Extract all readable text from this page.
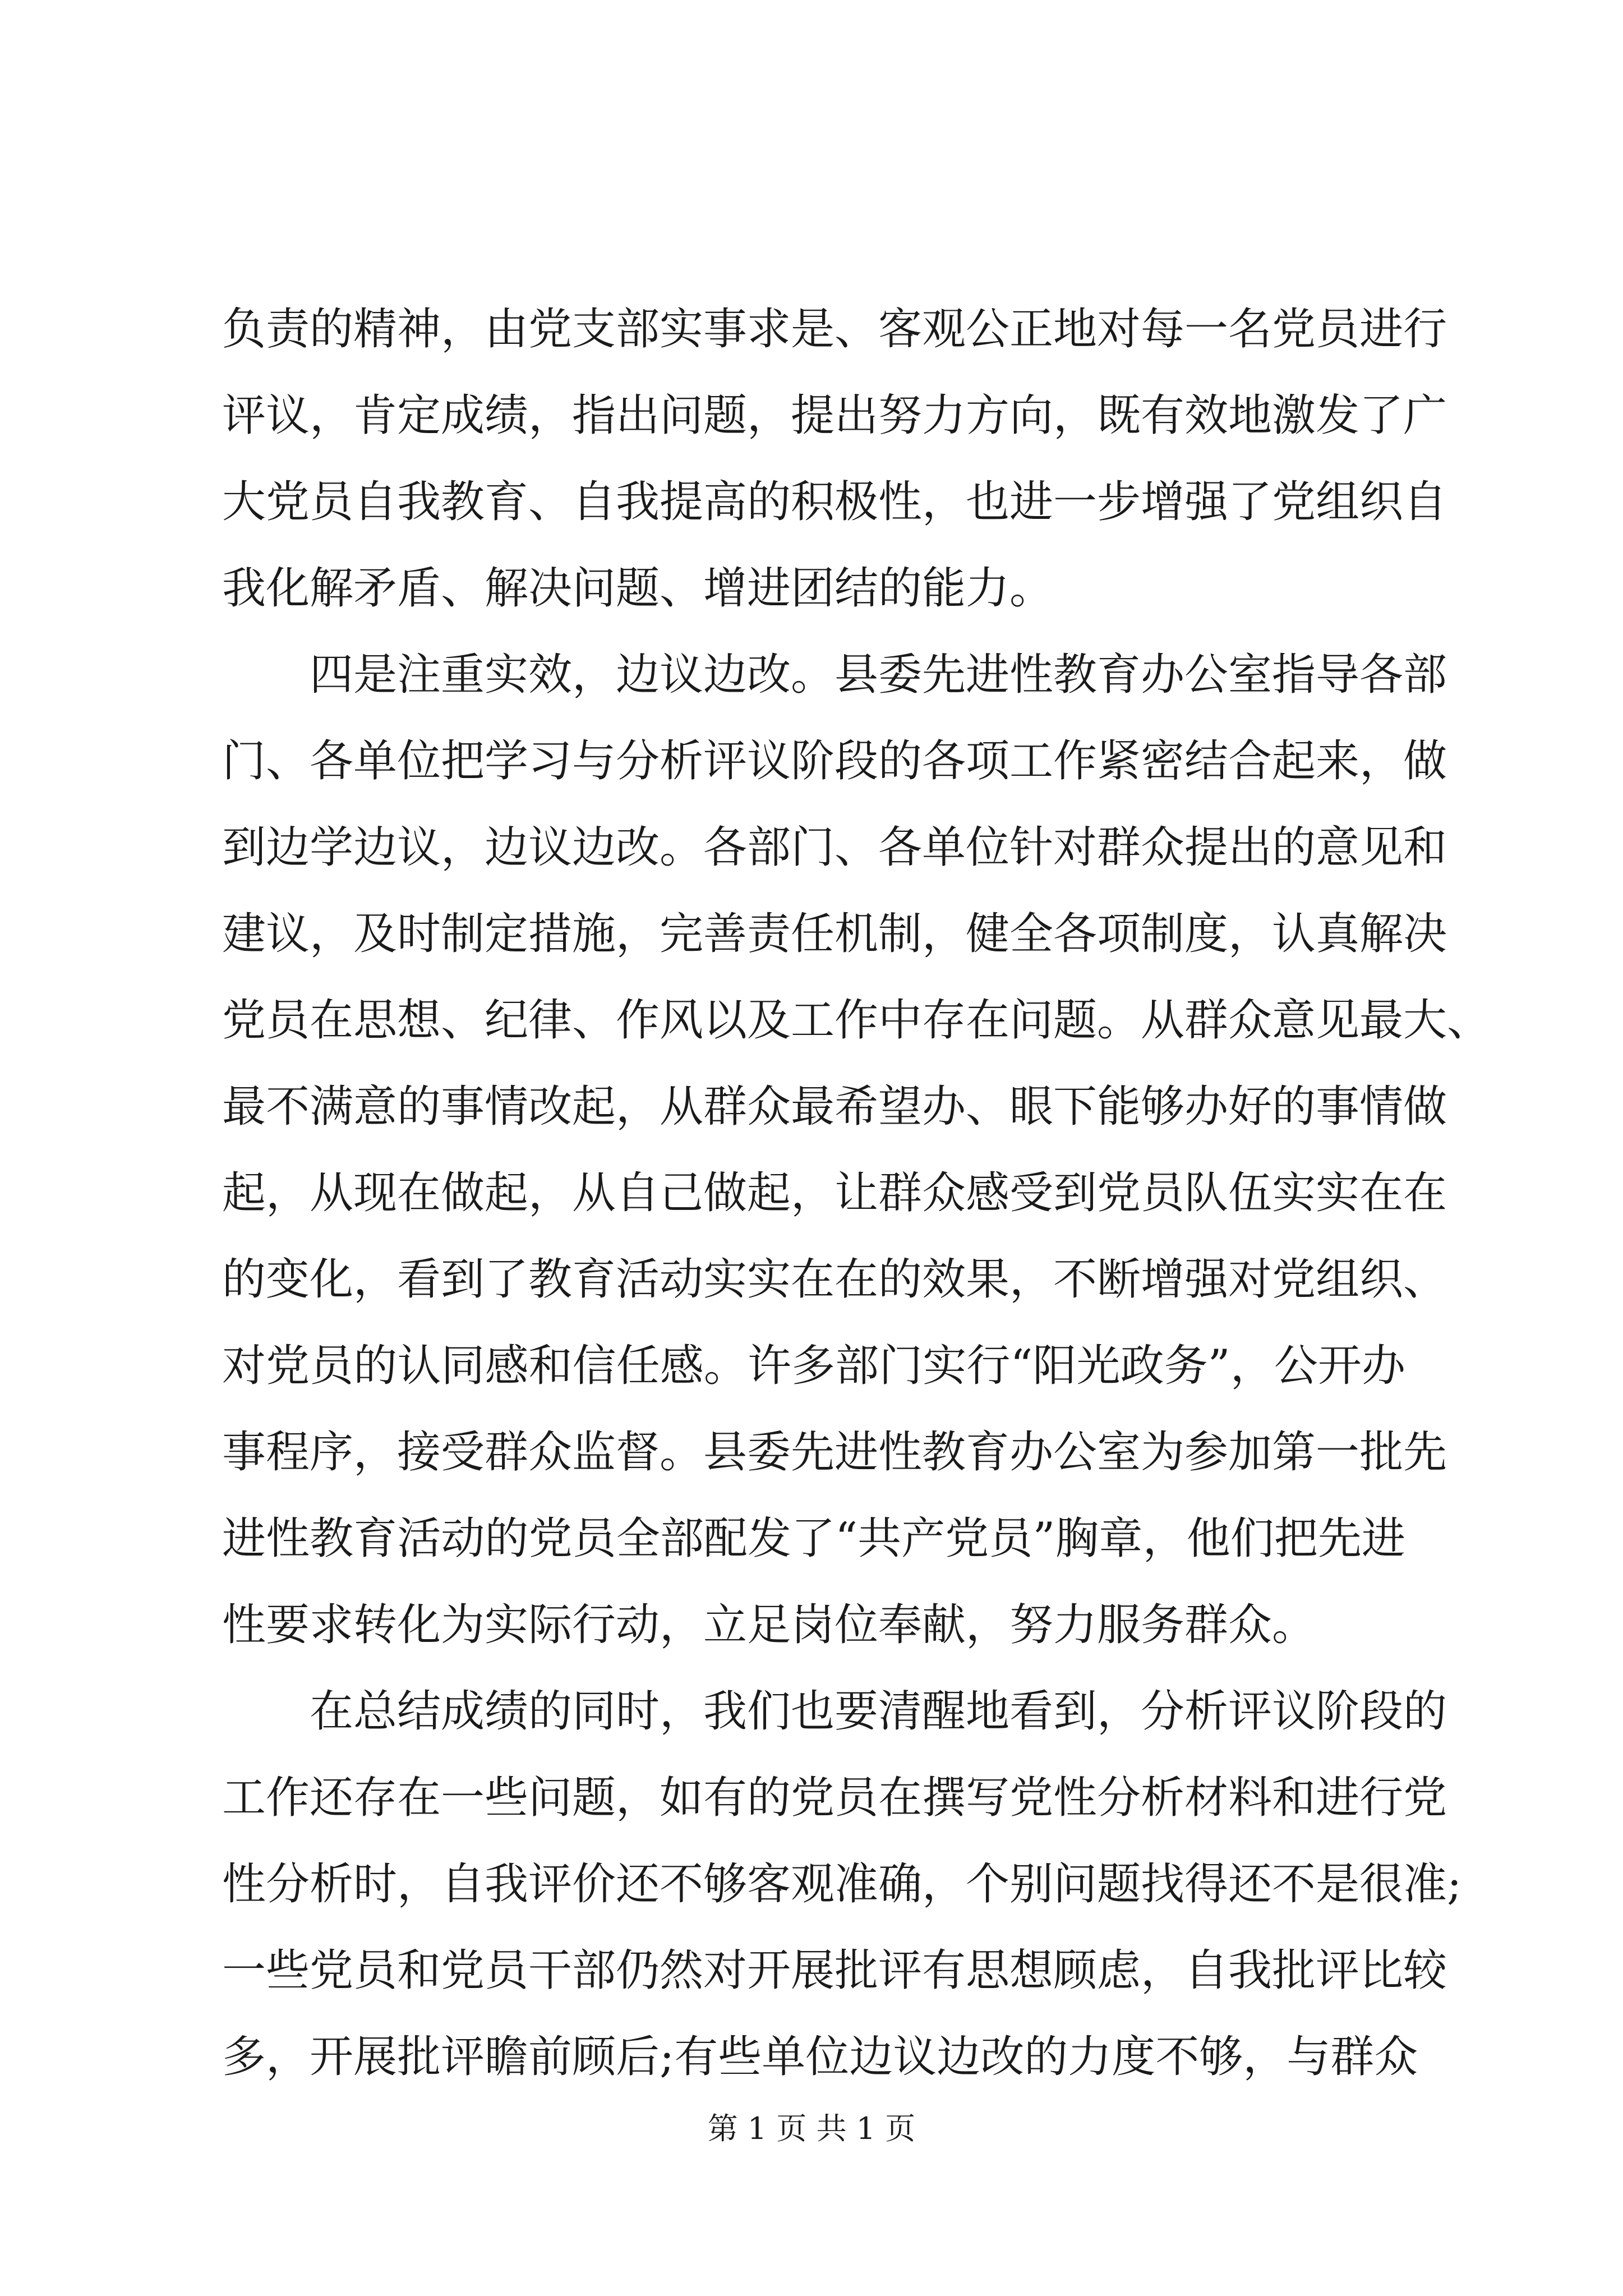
负责的精神，由党支部实事求是、客观公正地对每一名党员进行
评议，肯定成绩，指出问题，提出努力方向，既有效地激发了广
大党员自我教育、自我提高的积极性，也进一步增强了党组织自
我化解矛盾、解决问题、增进团结的能力。
　　四是注重实效，边议边改。县委先进性教育办公室指导各部
门、各单位把学习与分析评议阶段的各项工作紧密结合起来，做
到边学边议，边议边改。各部门、各单位针对群众提出的意见和
建议，及时制定措施，完善责任机制，健全各项制度，认真解决
党员在思想、纪律、作风以及工作中存在问题。从群众意见最大、
最不满意的事情改起，从群众最希望办、眼下能够办好的事情做
起，从现在做起，从自己做起，让群众感受到党员队伍实实在在
的变化，看到了教育活动实实在在的效果，不断增强对党组织、
对党员的认同感和信任感。许多部门实行“阳光政务”，公开办
事程序，接受群众监督。县委先进性教育办公室为参加第一批先
进性教育活动的党员全部配发了“共产党员”胸章，他们把先进
性要求转化为实际行动，立足岗位奉献，努力服务群众。
　　在总结成绩的同时，我们也要清醒地看到，分析评议阶段的
工作还存在一些问题，如有的党员在撰写党性分析材料和进行党
性分析时，自我评价还不够客观准确，个别问题找得还不是很准;
一些党员和党员干部仍然对开展批评有思想顾虑，自我批评比较
多，开展批评瞻前顾后;有些单位边议边改的力度不够，与群众
第 1 页 共 1 页
